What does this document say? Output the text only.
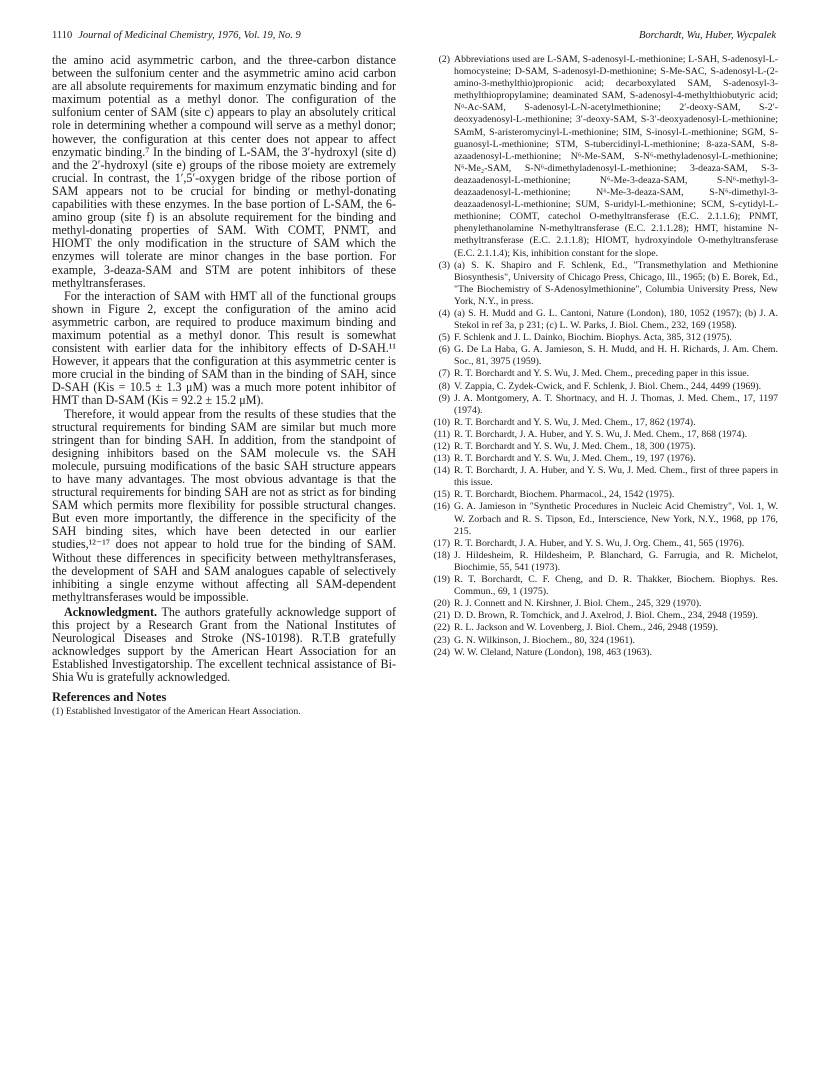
1110 Journal of Medicinal Chemistry, 1976, Vol. 19, No. 9	Borchardt, Wu, Huber, Wycpalek

the amino acid asymmetric carbon, and the three-carbon distance between the sulfonium center and the asymmetric amino acid carbon are all absolute requirements for maximum enzymatic binding and for maximum potential as a methyl donor. The configuration of the sulfonium center of SAM (site c) appears to play an absolutely critical role in determining whether a compound will serve as a methyl donor; however, the configuration at this center does not appear to affect enzymatic binding.⁷ In the binding of L-SAM, the 3′-hydroxyl (site d) and the 2′-hydroxyl (site e) groups of the ribose moiety are extremely crucial. In contrast, the 1′,5′-oxygen bridge of the ribose portion of SAM appears not to be crucial for binding or methyl-donating capabilities with these enzymes. In the base portion of L-SAM, the 6-amino group (site f) is an absolute requirement for the binding and methyl-donating properties of SAM. With COMT, PNMT, and HIOMT the only modification in the structure of SAM which the enzymes will tolerate are minor changes in the base portion. For example, 3-deaza-SAM and STM are potent inhibitors of these methyltransferases.

For the interaction of SAM with HMT all of the functional groups shown in Figure 2, except the configuration of the amino acid asymmetric carbon, are required to produce maximum binding and maximum potential as a methyl donor. This result is somewhat consistent with earlier data for the inhibitory effects of D-SAH.¹¹ However, it appears that the configuration at this asymmetric center is more crucial in the binding of SAM than in the binding of SAH, since D-SAH (Kis = 10.5 ± 1.3 μM) was a much more potent inhibitor of HMT than D-SAM (Kis = 92.2 ± 15.2 μM).

Therefore, it would appear from the results of these studies that the structural requirements for binding SAM are similar but much more stringent than for binding SAH. In addition, from the standpoint of designing inhibitors based on the SAM molecule vs. the SAH molecule, pursuing modifications of the basic SAH structure appears to have many advantages. The most obvious advantage is that the structural requirements for binding SAH are not as strict as for binding SAM which permits more flexibility for possible structural changes. But even more importantly, the difference in the specificity of the SAH binding sites, which have been detected in our earlier studies,¹²⁻¹⁷ does not appear to hold true for the binding of SAM. Without these differences in specificity between methyltransferases, the development of SAH and SAM analogues capable of selectively inhibiting a single enzyme without affecting all SAM-dependent methyltransferases would be impossible.

Acknowledgment. The authors gratefully acknowledge support of this project by a Research Grant from the National Institutes of Neurological Diseases and Stroke (NS-10198). R.T.B gratefully acknowledges support by the American Heart Association for an Established Investigatorship. The excellent technical assistance of Bi-Shia Wu is gratefully acknowledged.

References and Notes

(1) Established Investigator of the American Heart Association.

(2) Abbreviations used are L-SAM, S-adenosyl-L-methionine; L-SAH, S-adenosyl-L-homocysteine; D-SAM, S-adenosyl-D-methionine; S-Me-SAC, S-adenosyl-L-(2-amino-3-methylthio)propionic acid; decarboxylated SAM, S-adenosyl-3-methylthiopropylamine; deaminated SAM, S-adenosyl-4-methylthiobutyric acid; Nᵅ-Ac-SAM, S-adenosyl-L-N-acetylmethionine; 2′-deoxy-SAM, S-2′-deoxyadenosyl-L-methionine; 3′-deoxy-SAM, S-3′-deoxyadenosyl-L-methionine; SAmM, S-aristeromycinyl-L-methionine; SIM, S-inosyl-L-methionine; SGM, S-guanosyl-L-methionine; STM, S-tubercidinyl-L-methionine; 8-aza-SAM, S-8-azaadenosyl-L-methionine; N⁶-Me-SAM, S-N⁶-methyladenosyl-L-methionine; N⁶-Me₂-SAM, S-N⁶-dimethyladenosyl-L-methionine; 3-deaza-SAM, S-3-deazaadenosyl-L-methionine; N⁶-Me-3-deaza-SAM, S-N⁶-methyl-3-deazaadenosyl-L-methionine; N⁶-Me-3-deaza-SAM, S-N⁶-dimethyl-3-deazaadenosyl-L-methionine; SUM, S-uridyl-L-methionine; SCM, S-cytidyl-L-methionine; COMT, catechol O-methyltransferase (E.C. 2.1.1.6); PNMT, phenylethanolamine N-methyltransferase (E.C. 2.1.1.28); HMT, histamine N-methyltransferase (E.C. 2.1.1.8); HIOMT, hydroxyindole O-methyltransferase (E.C. 2.1.1.4); Kis, inhibition constant for the slope.

(3) (a) S. K. Shapiro and F. Schlenk, Ed., "Transmethylation and Methionine Biosynthesis", University of Chicago Press, Chicago, Ill., 1965; (b) E. Borek, Ed., "The Biochemistry of S-Adenosylmethionine", Columbia University Press, New York, N.Y., in press.

(4) (a) S. H. Mudd and G. L. Cantoni, Nature (London), 180, 1052 (1957); (b) J. A. Stekol in ref 3a, p 231; (c) L. W. Parks, J. Biol. Chem., 232, 169 (1958).

(5) F. Schlenk and J. L. Dainko, Biochim. Biophys. Acta, 385, 312 (1975).

(6) G. De La Haba, G. A. Jamieson, S. H. Mudd, and H. H. Richards, J. Am. Chem. Soc., 81, 3975 (1959).

(7) R. T. Borchardt and Y. S. Wu, J. Med. Chem., preceding paper in this issue.

(8) V. Zappia, C. Zydek-Cwick, and F. Schlenk, J. Biol. Chem., 244, 4499 (1969).

(9) J. A. Montgomery, A. T. Shortnacy, and H. J. Thomas, J. Med. Chem., 17, 1197 (1974).

(10) R. T. Borchardt and Y. S. Wu, J. Med. Chem., 17, 862 (1974).

(11) R. T. Borchardt, J. A. Huber, and Y. S. Wu, J. Med. Chem., 17, 868 (1974).

(12) R. T. Borchardt and Y. S. Wu, J. Med. Chem., 18, 300 (1975).

(13) R. T. Borchardt and Y. S. Wu, J. Med. Chem., 19, 197 (1976).

(14) R. T. Borchardt, J. A. Huber, and Y. S. Wu, J. Med. Chem., first of three papers in this issue.

(15) R. T. Borchardt, Biochem. Pharmacol., 24, 1542 (1975).

(16) G. A. Jamieson in "Synthetic Procedures in Nucleic Acid Chemistry", Vol. 1, W. W. Zorbach and R. S. Tipson, Ed., Interscience, New York, N.Y., 1968, pp 176, 215.

(17) R. T. Borchardt, J. A. Huber, and Y. S. Wu, J. Org. Chem., 41, 565 (1976).

(18) J. Hildesheim, R. Hildesheim, P. Blanchard, G. Farrugia, and R. Michelot, Biochimie, 55, 541 (1973).

(19) R. T. Borchardt, C. F. Cheng, and D. R. Thakker, Biochem. Biophys. Res. Commun., 69, 1 (1975).

(20) R. J. Connett and N. Kirshner, J. Biol. Chem., 245, 329 (1970).

(21) D. D. Brown, R. Tomchick, and J. Axelrod, J. Biol. Chem., 234, 2948 (1959).

(22) R. L. Jackson and W. Lovenberg, J. Biol. Chem., 246, 2948 (1959).

(23) G. N. Wilkinson, J. Biochem., 80, 324 (1961).

(24) W. W. Cleland, Nature (London), 198, 463 (1963).
